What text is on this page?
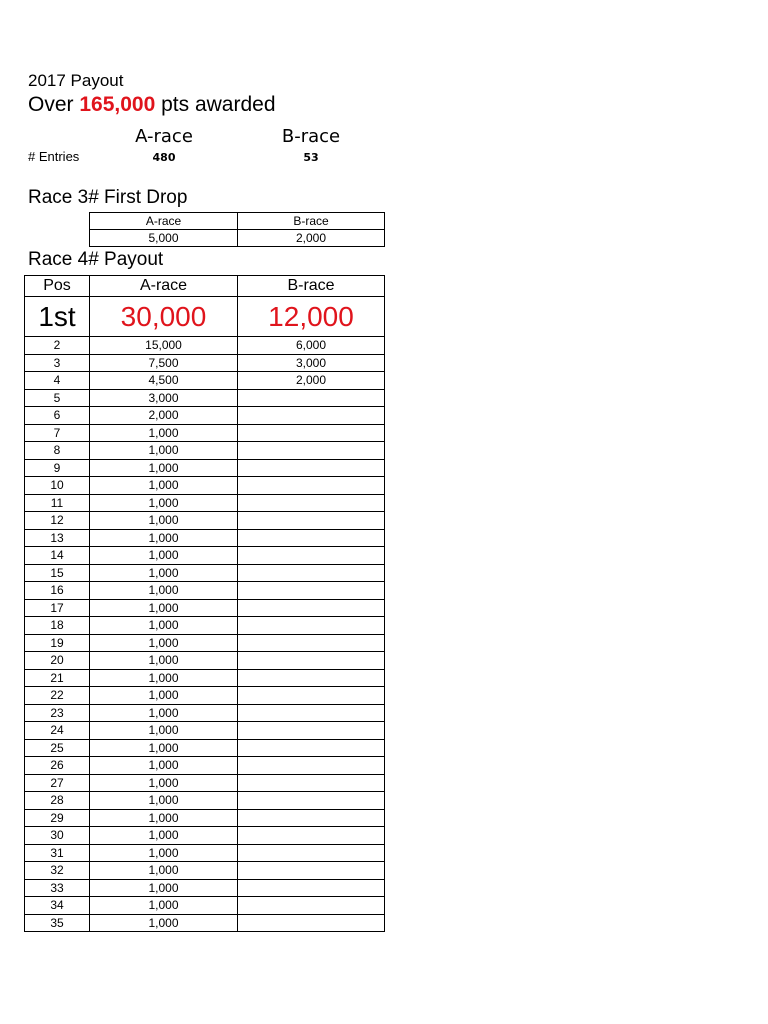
2017 Payout
Over 165,000 pts awarded
A-race	B-race
# Entries	480	53
Race 3# First Drop
A-race	B-race
5,000	2,000
Race 4# Payout
Pos	A-race	B-race
1st	30,000	12,000
2	15,000	6,000
3	7,500	3,000
4	4,500	2,000
5	3,000	
6	2,000	
7	1,000	
8	1,000	
9	1,000	
10	1,000	
11	1,000	
12	1,000	
13	1,000	
14	1,000	
15	1,000	
16	1,000	
17	1,000	
18	1,000	
19	1,000	
20	1,000	
21	1,000	
22	1,000	
23	1,000	
24	1,000	
25	1,000	
26	1,000	
27	1,000	
28	1,000	
29	1,000	
30	1,000	
31	1,000	
32	1,000	
33	1,000	
34	1,000	
35	1,000	
